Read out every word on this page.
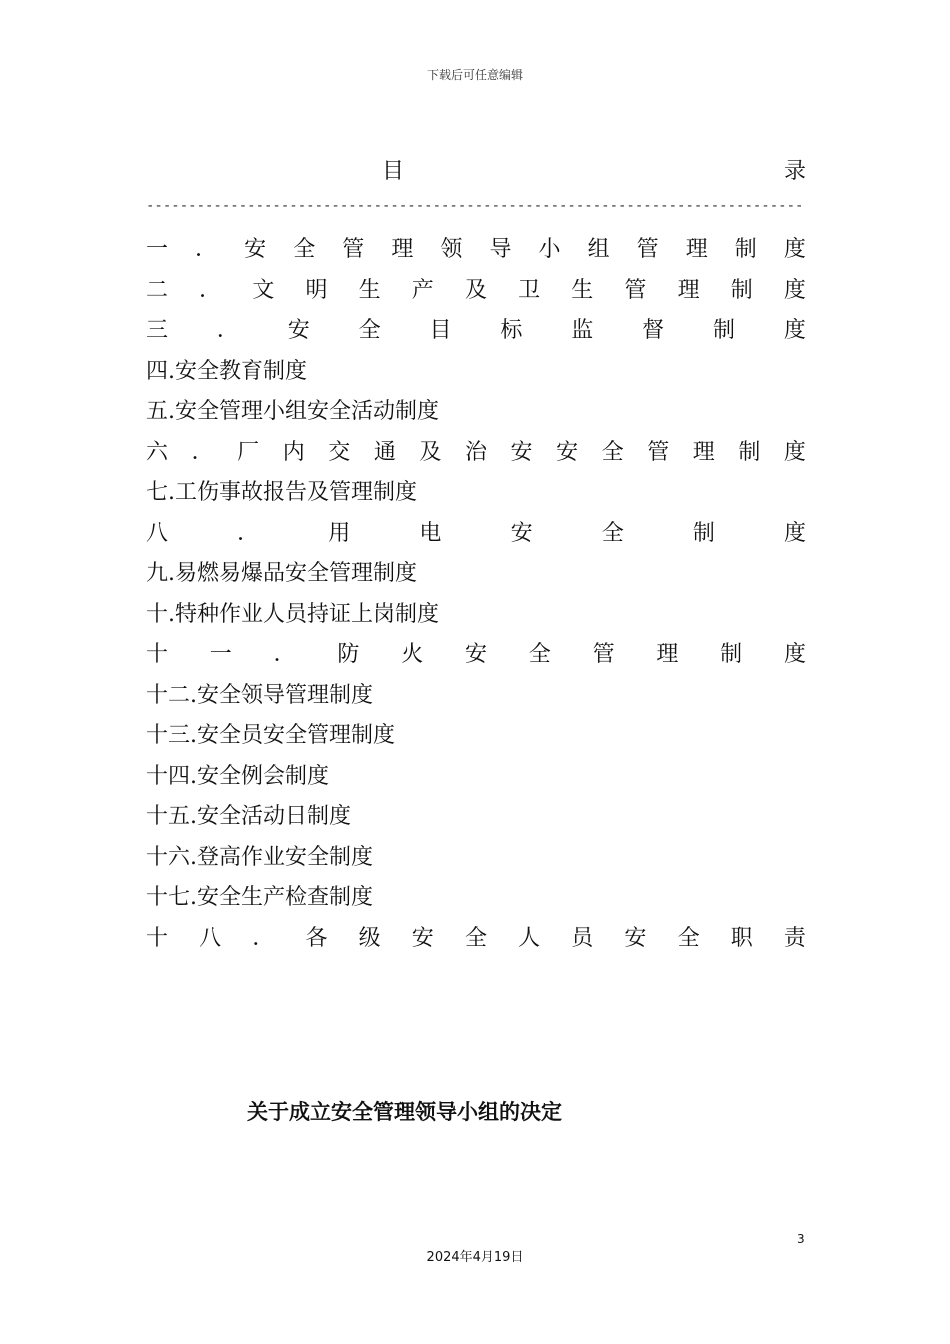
下载后可任意编辑
目	录
------------------------------------------------------------------------------
一 ． 安 全 管 理 领 导 小 组 管 理 制 度
二 ． 文 明 生 产 及 卫 生 管 理 制 度
三 ． 安 全 目 标 监 督 制 度
四.安全教育制度
五.安全管理小组安全活动制度
六 ． 厂 内 交 通 及 治 安 安 全 管 理 制 度
七.工伤事故报告及管理制度
八	．	用	电	安	全	制	度
九.易燃易爆品安全管理制度
十.特种作业人员持证上岗制度
十 一 ． 防 火 安 全 管 理 制 度
十二.安全领导管理制度
十三.安全员安全管理制度
十四.安全例会制度
十五.安全活动日制度
十六.登高作业安全制度
十七.安全生产检查制度
十 八 ． 各 级 安 全 人 员 安 全 职 责
关于成立安全管理领导小组的决定
3
2024年4月19日
